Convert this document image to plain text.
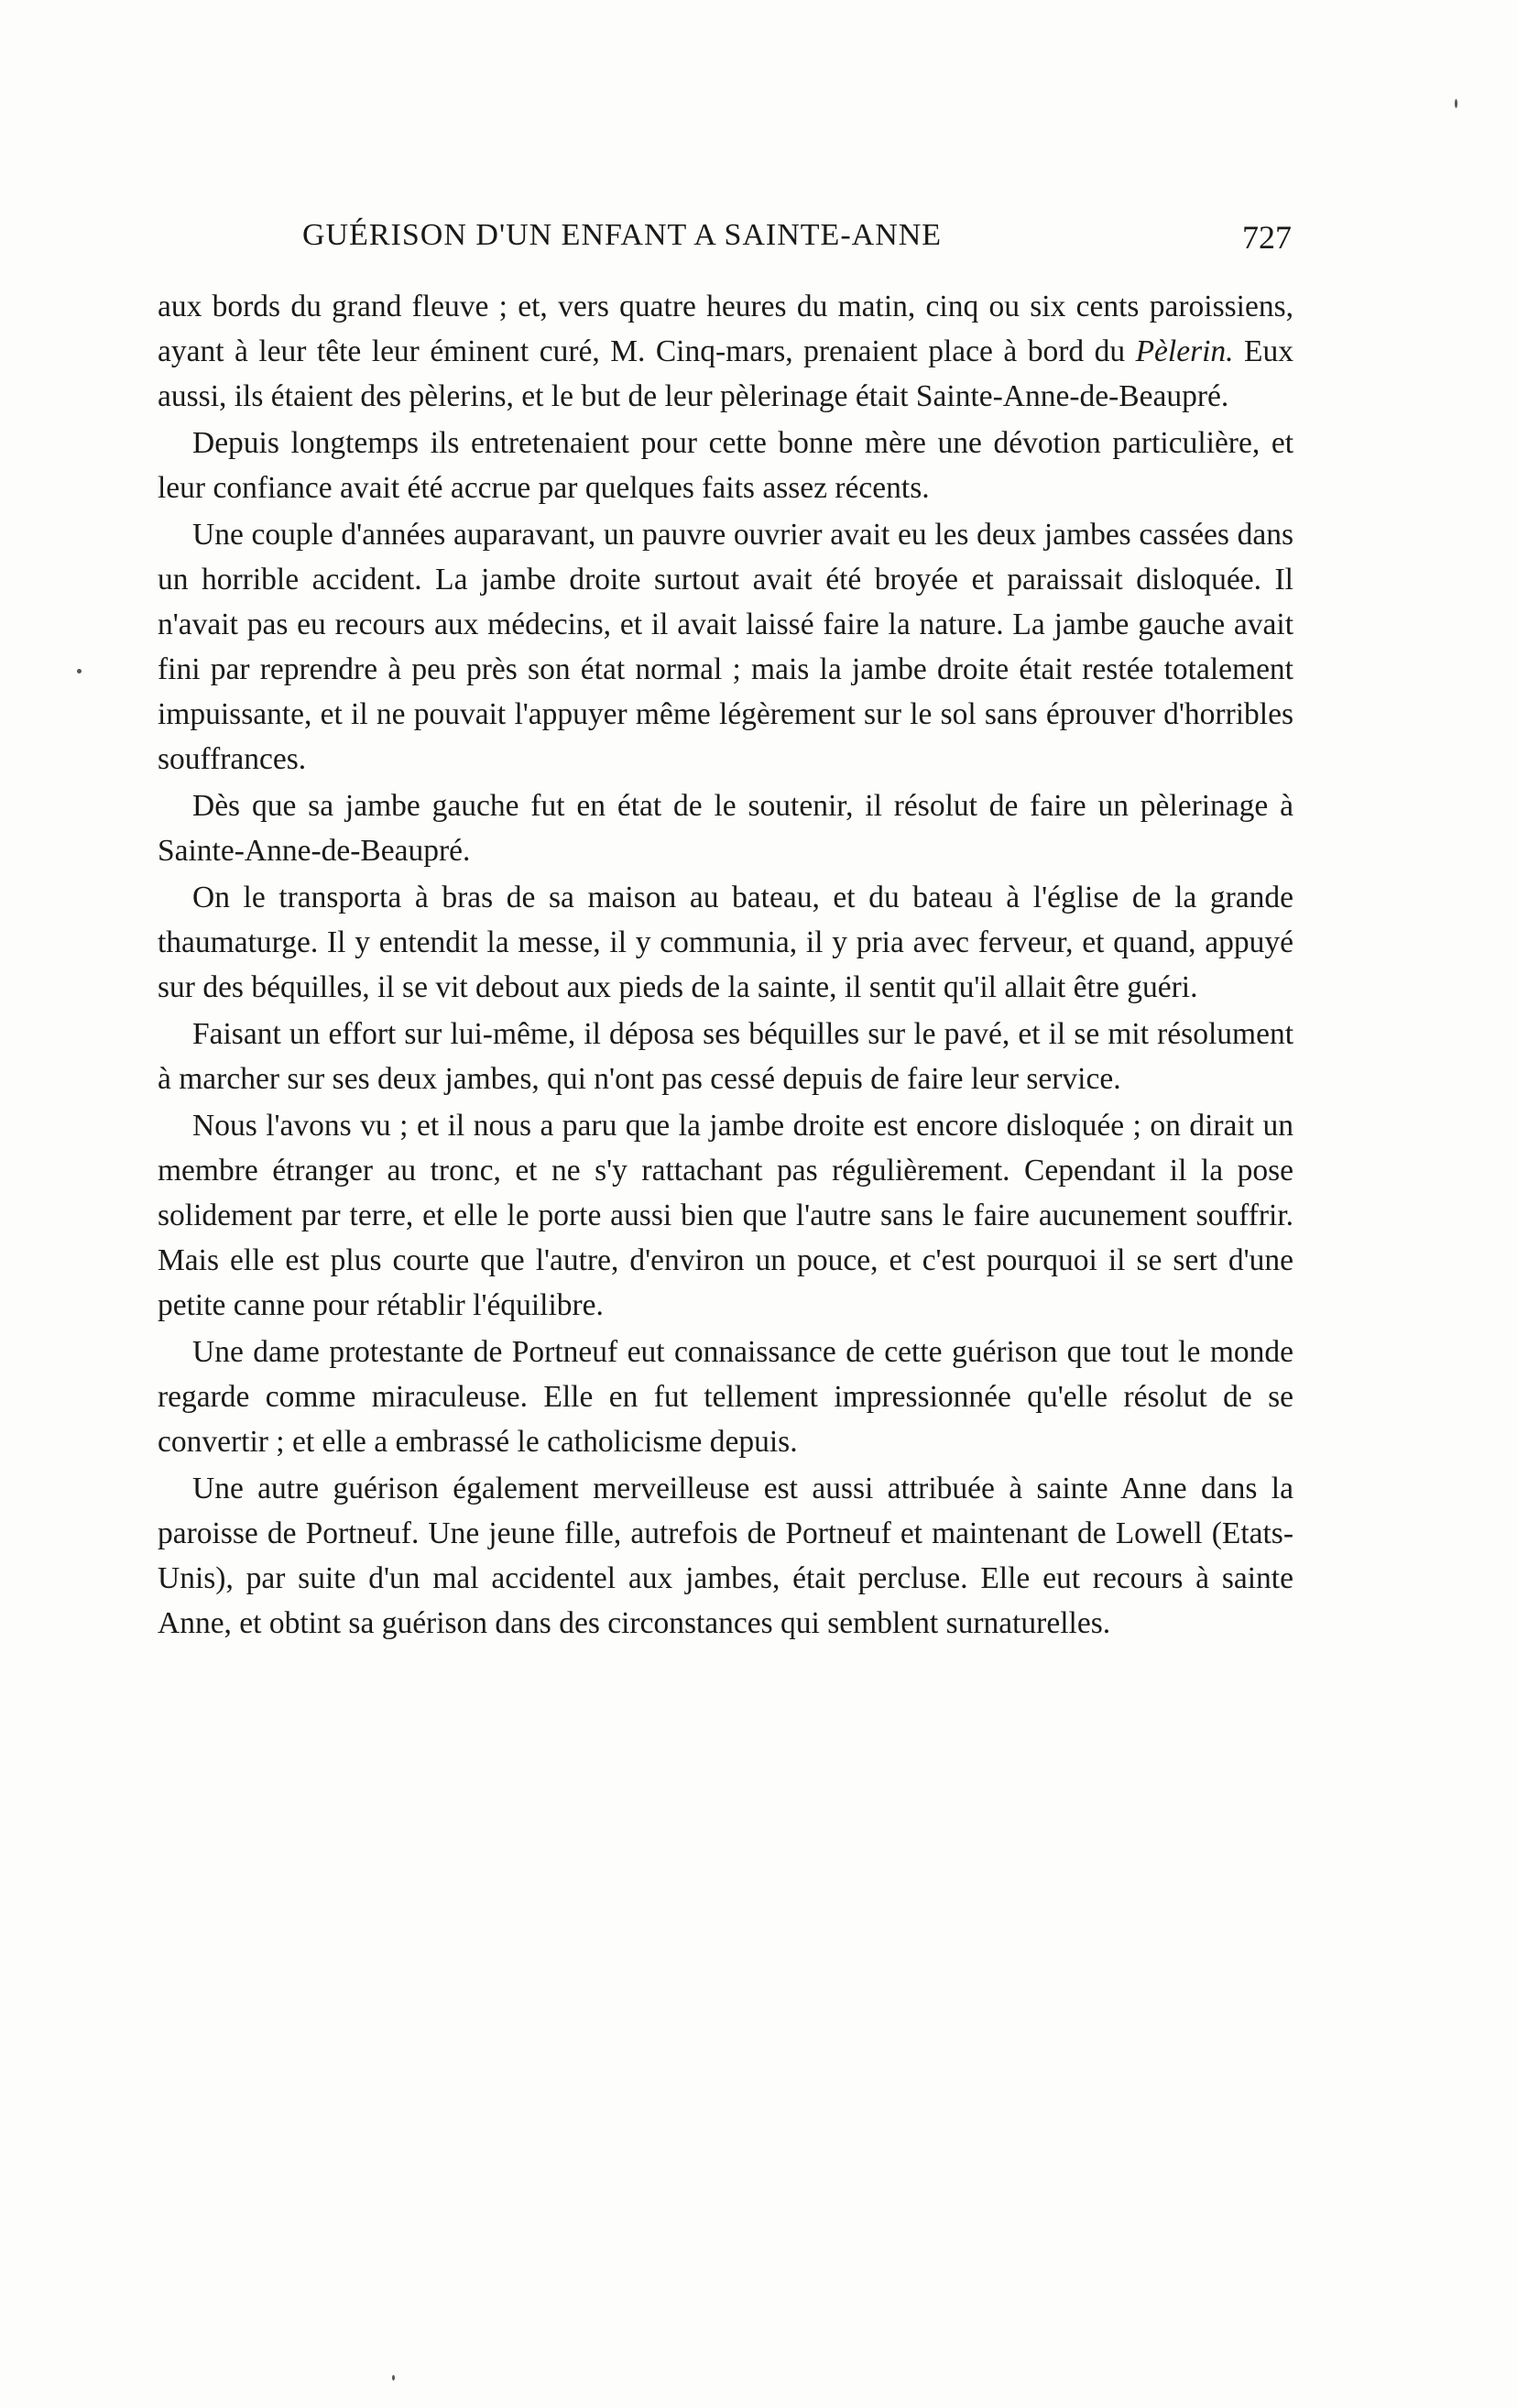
GUÉRISON D'UN ENFANT A SAINTE-ANNE	727

aux bords du grand fleuve ; et, vers quatre heures du matin, cinq ou six cents paroissiens, ayant à leur tête leur éminent curé, M. Cinq-mars, prenaient place à bord du Pèlerin. Eux aussi, ils étaient des pèlerins, et le but de leur pèlerinage était Sainte-Anne-de-Beaupré.

Depuis longtemps ils entretenaient pour cette bonne mère une dévotion particulière, et leur confiance avait été accrue par quelques faits assez récents.

Une couple d'années auparavant, un pauvre ouvrier avait eu les deux jambes cassées dans un horrible accident. La jambe droite surtout avait été broyée et paraissait disloquée. Il n'avait pas eu recours aux médecins, et il avait laissé faire la nature. La jambe gauche avait fini par reprendre à peu près son état normal ; mais la jambe droite était restée totalement impuissante, et il ne pouvait l'appuyer même légèrement sur le sol sans éprouver d'horribles souffrances.

Dès que sa jambe gauche fut en état de le soutenir, il résolut de faire un pèlerinage à Sainte-Anne-de-Beaupré.

On le transporta à bras de sa maison au bateau, et du bateau à l'église de la grande thaumaturge. Il y entendit la messe, il y communia, il y pria avec ferveur, et quand, appuyé sur des béquilles, il se vit debout aux pieds de la sainte, il sentit qu'il allait être guéri.

Faisant un effort sur lui-même, il déposa ses béquilles sur le pavé, et il se mit résolument à marcher sur ses deux jambes, qui n'ont pas cessé depuis de faire leur service.

Nous l'avons vu ; et il nous a paru que la jambe droite est encore disloquée ; on dirait un membre étranger au tronc, et ne s'y rattachant pas régulièrement. Cependant il la pose solidement par terre, et elle le porte aussi bien que l'autre sans le faire aucunement souffrir. Mais elle est plus courte que l'autre, d'environ un pouce, et c'est pourquoi il se sert d'une petite canne pour rétablir l'équilibre.

Une dame protestante de Portneuf eut connaissance de cette guérison que tout le monde regarde comme miraculeuse. Elle en fut tellement impressionnée qu'elle résolut de se convertir ; et elle a embrassé le catholicisme depuis.

Une autre guérison également merveilleuse est aussi attribuée à sainte Anne dans la paroisse de Portneuf. Une jeune fille, autrefois de Portneuf et maintenant de Lowell (Etats-Unis), par suite d'un mal accidentel aux jambes, était percluse. Elle eut recours à sainte Anne, et obtint sa guérison dans des circonstances qui semblent surnaturelles.
